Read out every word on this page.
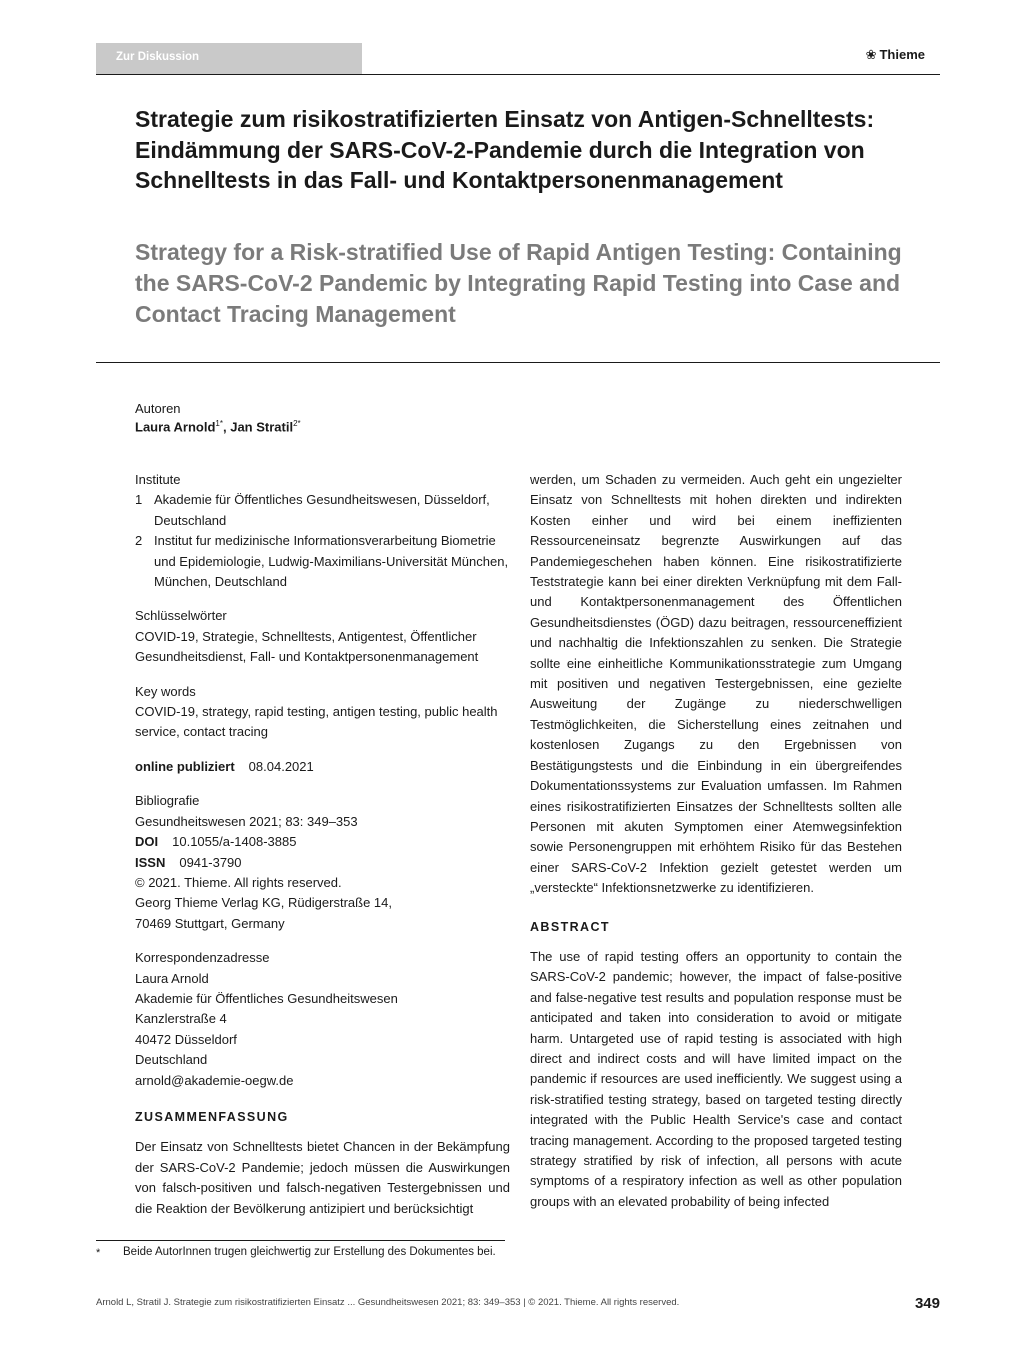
Zur Diskussion	❀ Thieme
Strategie zum risikostratifizierten Einsatz von Antigen-Schnelltests: Eindämmung der SARS-CoV-2-Pandemie durch die Integration von Schnelltests in das Fall- und Kontaktpersonenmanagement
Strategy for a Risk-stratified Use of Rapid Antigen Testing: Containing the SARS-CoV-2 Pandemic by Integrating Rapid Testing into Case and Contact Tracing Management
Autoren
Laura Arnold$^{1*}$, Jan Stratil$^{2*}$

Institute

1 Akademie für Öffentliches Gesundheitswesen, Düsseldorf, Deutschland
2 Institut fur medizinische Informationsverarbeitung Biometrie und Epidemiologie, Ludwig-Maximilians-Universität München, München, Deutschland

Schlüsselwörter

COVID-19, Strategie, Schnelltests, Antigentest, Öffentlicher Gesundheitsdienst, Fall- und Kontaktpersonenmanagement

Key words

COVID-19, strategy, rapid testing, antigen testing, public health service, contact tracing

online publiziert 08.04.2021

Bibliografie

Gesundheitswesen 2021; 83: 349–353

DOI 10.1055/a-1408-3885

ISSN 0941-3790

© 2021. Thieme. All rights reserved.

Georg Thieme Verlag KG, Rüdigerstraße 14,

70469 Stuttgart, Germany

Korrespondenzadresse

Laura Arnold

Akademie für Öffentliches Gesundheitswesen

Kanzlerstraße 4

40472 Düsseldorf

Deutschland

arnold@akademie-oegw.de

ZUSAMMENFASSUNG

Der Einsatz von Schnelltests bietet Chancen in der Bekämpfung der SARS-CoV-2 Pandemie; jedoch müssen die Auswirkungen von falsch-positiven und falsch-negativen Testergebnissen und die Reaktion der Bevölkerung antizipiert und berücksichtigt

werden, um Schaden zu vermeiden. Auch geht ein ungezielter Einsatz von Schnelltests mit hohen direkten und indirekten Kosten einher und wird bei einem ineffizienten Ressourceneinsatz begrenzte Auswirkungen auf das Pandemiegeschehen haben können. Eine risikostratifizierte Teststrategie kann bei einer direkten Verknüpfung mit dem Fall- und Kontaktpersonenmanagement des Öffentlichen Gesundheitsdienstes (ÖGD) dazu beitragen, ressourceneffizient und nachhaltig die Infektionszahlen zu senken. Die Strategie sollte eine einheitliche Kommunikationsstrategie zum Umgang mit positiven und negativen Testergebnissen, eine gezielte Ausweitung der Zugänge zu niederschwelligen Testmöglichkeiten, die Sicherstellung eines zeitnahen und kostenlosen Zugangs zu den Ergebnissen von Bestätigungstests und die Einbindung in ein übergreifendes Dokumentationssystems zur Evaluation umfassen. Im Rahmen eines risikostratifizierten Einsatzes der Schnelltests sollten alle Personen mit akuten Symptomen einer Atemwegsinfektion sowie Personengruppen mit erhöhtem Risiko für das Bestehen einer SARS-CoV-2 Infektion gezielt getestet werden um „versteckte“ Infektionsnetzwerke zu identifizieren.

ABSTRACT

The use of rapid testing offers an opportunity to contain the SARS-CoV-2 pandemic; however, the impact of false-positive and false-negative test results and population response must be anticipated and taken into consideration to avoid or mitigate harm. Untargeted use of rapid testing is associated with high direct and indirect costs and will have limited impact on the pandemic if resources are used inefficiently. We suggest using a risk-stratified testing strategy, based on targeted testing directly integrated with the Public Health Service's case and contact tracing management. According to the proposed targeted testing strategy stratified by risk of infection, all persons with acute symptoms of a respiratory infection as well as other population groups with an elevated probability of being infected

* Beide AutorInnen trugen gleichwertig zur Erstellung des Dokumentes bei.
Arnold L, Stratil J. Strategie zum risikostratifizierten Einsatz ... Gesundheitswesen 2021; 83: 349–353 | © 2021. Thieme. All rights reserved.	349
